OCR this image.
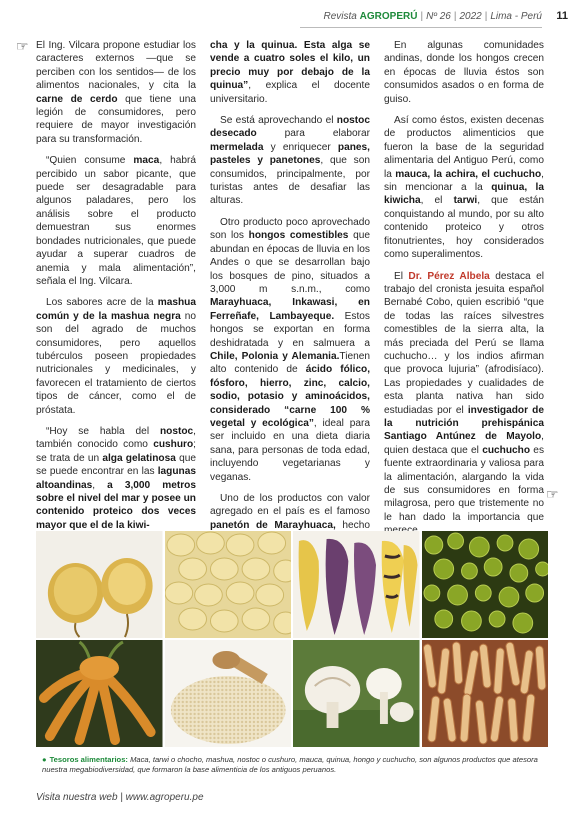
Revista
AGROPERÚ | Nº 26 | 2022 | Lima - Perú 11
☞ El Ing. Vilcara propone estudiar los caracteres externos —que se perciben con los sentidos— de los alimentos nacionales, y cita la carne de cerdo que tiene una legión de consumidores, pero requiere de mayor investigación para su transformación.

“Quien consume maca, habrá percibido un sabor picante, que puede ser desagradable para algunos paladares, pero los análisis sobre el producto demuestran sus enormes bondades nutricionales, que puede ayudar a superar cuadros de anemia y mala alimentación”, señala el Ing. Vilcara.

Los sabores acre de la mashua común y de la mashua negra no son del agrado de muchos consumidores, pero aquellos tubérculos poseen propiedades nutricionales y medicinales, y favorecen el tratamiento de ciertos tipos de cáncer, como el de próstata.

“Hoy se habla del nostoc, también conocido como cushuro; se trata de un alga gelatinosa que se puede encontrar en las lagunas altoandinas, a 3,000 metros sobre el nivel del mar y posee un contenido proteico dos veces mayor que el de la kiwi-

cha y la quinua. Esta alga se vende a cuatro soles el kilo, un precio muy por debajo de la quinua”, explica el docente universitario.

Se está aprovechando el nostoc desecado para elaborar mermelada y enriquecer panes, pasteles y panetones, que son consumidos, principalmente, por turistas antes de desafiar las alturas.

Otro producto poco aprovechado son los hongos comestibles que abundan en épocas de lluvia en los Andes o que se desarrollan bajo los bosques de pino, situados a 3,000 m s.n.m., como Marayhuaca, Inkawasi, en Ferreñafe, Lambayeque. Estos hongos se exportan en forma deshidratada y en salmuera a Chile, Polonia y Alemania.Tienen alto contenido de ácido fólico, fósforo, hierro, zinc, calcio, sodio, potasio y aminoácidos, considerado “carne 100 % vegetal y ecológica”, ideal para ser incluido en una dieta diaria sana, para personas de toda edad, incluyendo vegetarianas y veganas.

Uno de los productos con valor agregado en el país es el famoso panetón de Marayhuaca, hecho

En algunas comunidades andinas, donde los hongos crecen en épocas de lluvia éstos son consumidos asados o en forma de guiso.

Así como éstos, existen decenas de productos alimenticios que fueron la base de la seguridad alimentaria del Antiguo Perú, como la mauca, la achira, el cuchucho, sin mencionar a la quinua, la kiwicha, el tarwi, que están conquistando al mundo, por su alto contenido proteico y otros fitonutrientes, hoy considerados como superalimentos.

El Dr. Pérez Albela destaca el trabajo del cronista jesuita español Bernabé Cobo, quien escribió “que de todas las raíces silvestres comestibles de la sierra alta, la más preciada del Perú se llama cuchucho… y los indios afirman que provoca lujuria” (afrodisíaco). Las propiedades y cualidades de esta planta nativa han sido estudiadas por el investigador de la nutrición prehispánica Santiago Antúnez de Mayolo, quien destaca que el cuchucho es fuente extraordinaria y valiosa para la alimentación, alargando la vida de sus consumidores en forma milagrosa, pero que tristemente no le han dado la importancia que

☞
● Tesoros alimentarios: Maca, tarwi o chocho, mashua, nostoc o cushuro, mauca, quinua, hongo y cuchucho, son algunos productos que atesora nuestra megabiodiversidad, que formaron la base alimenticia de los antiguos peruanos.
Visita nuestra web | www.agroperu.pe
